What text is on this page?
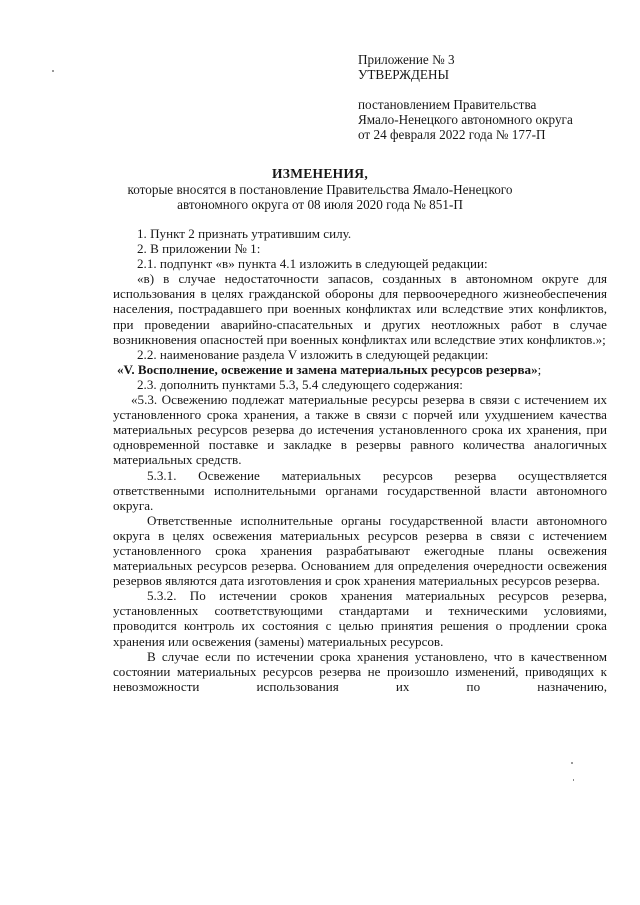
Приложение № 3
УТВЕРЖДЕНЫ
постановлением Правительства
Ямало-Ненецкого автономного округа
от 24 февраля 2022 года № 177-П
ИЗМЕНЕНИЯ,
которые вносятся в постановление Правительства Ямало-Ненецкого
автономного округа от 08 июля 2020 года № 851-П

1. Пункт 2 признать утратившим силу.

2. В приложении № 1:

2.1. подпункт «в» пункта 4.1 изложить в следующей редакции:

«в) в случае недостаточности запасов, созданных в автономном округе для использования в целях гражданской обороны для первоочередного жизнеобеспечения населения, пострадавшего при военных конфликтах или вследствие этих конфликтов, при проведении аварийно-спасательных и других неотложных работ в случае возникновения опасностей при военных конфликтах или вследствие этих конфликтов.»;

2.2. наименование раздела V изложить в следующей редакции:

«V. Восполнение, освежение и замена материальных ресурсов резерва»;

2.3. дополнить пунктами 5.3, 5.4 следующего содержания:

«5.3. Освежению подлежат материальные ресурсы резерва в связи с истечением их установленного срока хранения, а также в связи с порчей или ухудшением качества материальных ресурсов резерва до истечения установленного срока их хранения, при одновременной поставке и закладке в резервы равного количества аналогичных материальных средств.

5.3.1. Освежение материальных ресурсов резерва осуществляется ответственными исполнительными органами государственной власти автономного округа.

Ответственные исполнительные органы государственной власти автономного округа в целях освежения материальных ресурсов резерва в связи с истечением установленного срока хранения разрабатывают ежегодные планы освежения материальных ресурсов резерва. Основанием для определения очередности освежения резервов являются дата изготовления и срок хранения материальных ресурсов резерва.

5.3.2. По истечении сроков хранения материальных ресурсов резерва, установленных соответствующими стандартами и техническими условиями, проводится контроль их состояния с целью принятия решения о продлении срока хранения или освежения (замены) материальных ресурсов.

В случае если по истечении срока хранения установлено, что в качественном состоянии материальных ресурсов резерва не произошло изменений, приводящих к невозможности использования их по назначению,
